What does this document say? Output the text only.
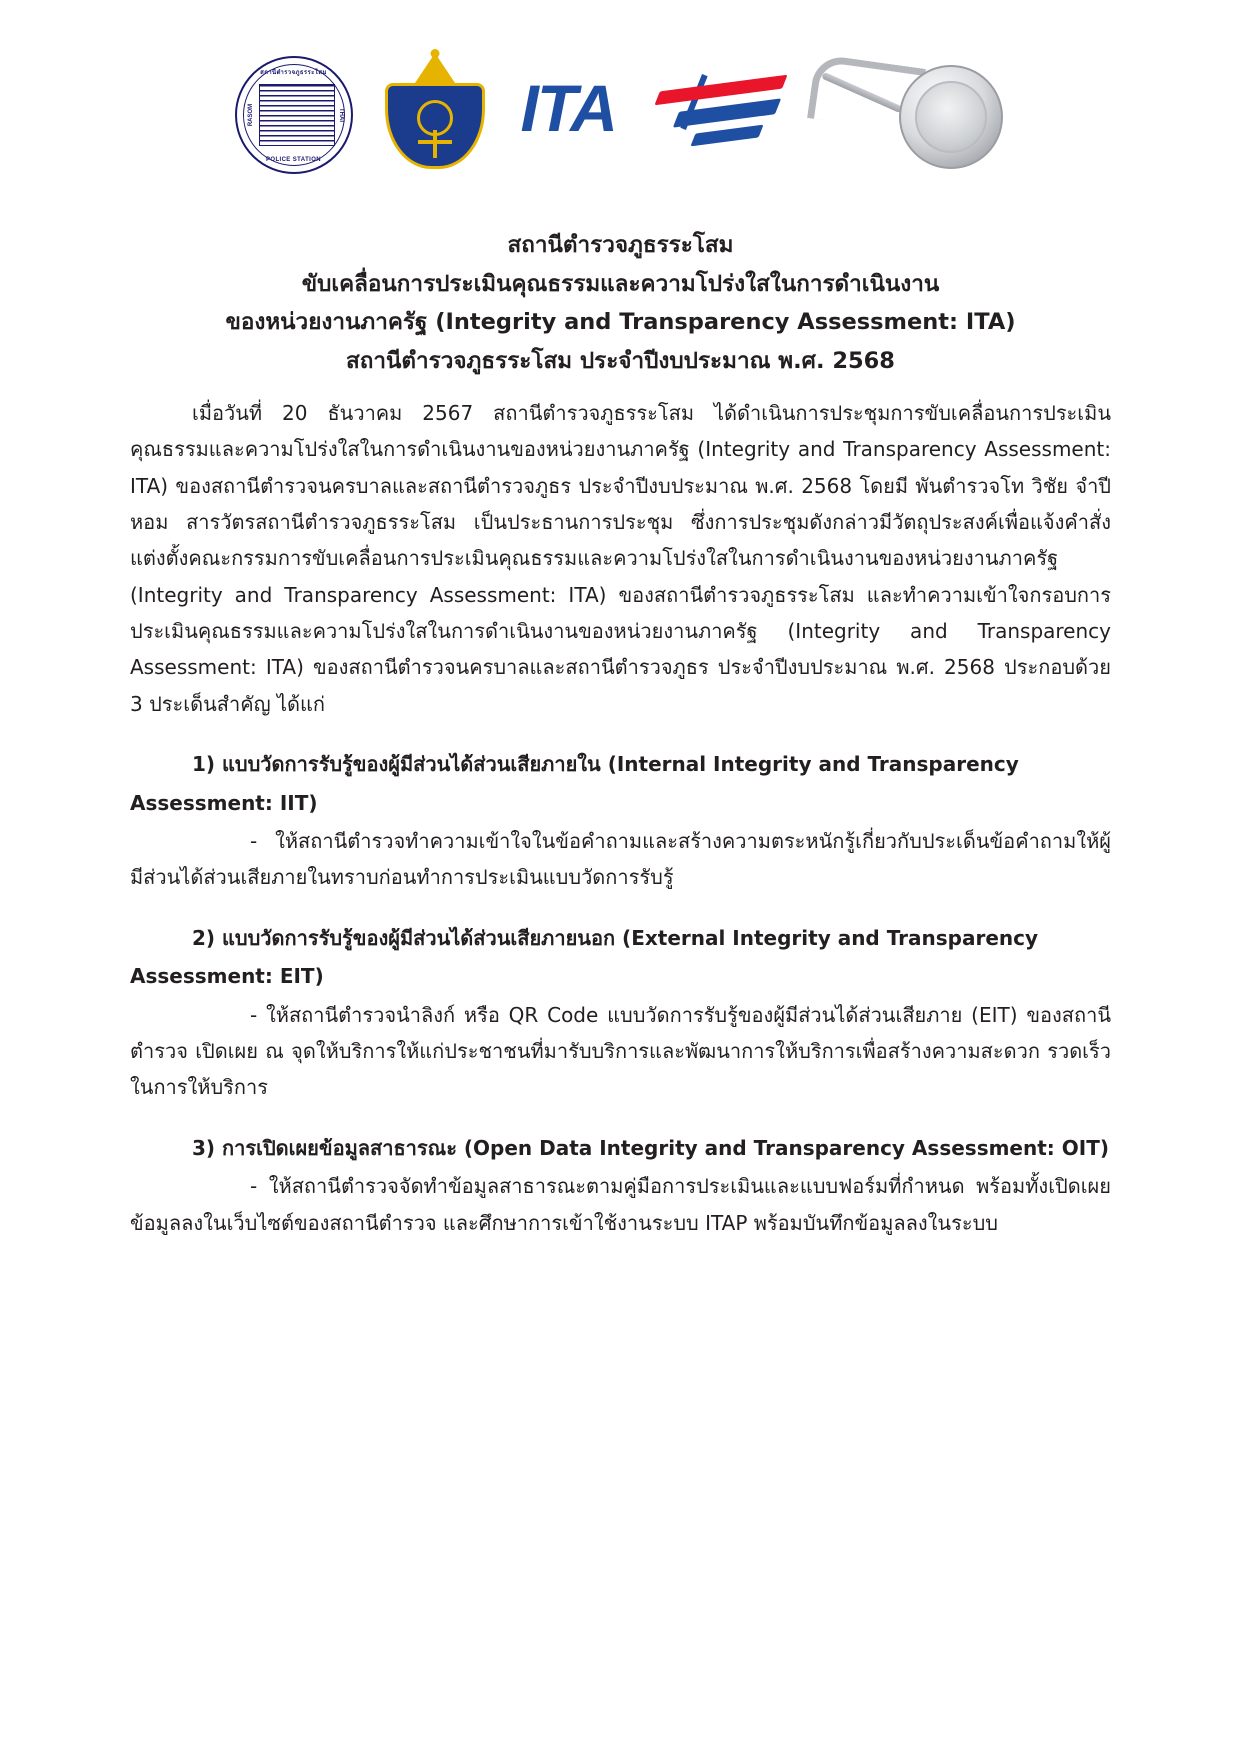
สถานีตำรวจภูธรระโสม
POLICE STATION
RASOM	THAI	ITA
สถานีตำรวจภูธรระโสม
ขับเคลื่อนการประเมินคุณธรรมและความโปร่งใสในการดำเนินงาน
ของหน่วยงานภาครัฐ (Integrity and Transparency Assessment: ITA)
สถานีตำรวจภูธรระโสม ประจำปีงบประมาณ พ.ศ. 2568

เมื่อวันที่ 20 ธันวาคม 2567 สถานีตำรวจภูธรระโสม ได้ดำเนินการประชุมการขับเคลื่อนการประเมินคุณธรรมและความโปร่งใสในการดำเนินงานของหน่วยงานภาครัฐ (Integrity and Transparency Assessment: ITA) ของสถานีตำรวจนครบาลและสถานีตำรวจภูธร ประจำปีงบประมาณ พ.ศ. 2568 โดยมี พันตำรวจโท วิชัย จำปีหอม สารวัตรสถานีตำรวจภูธรระโสม เป็นประธานการประชุม ซึ่งการประชุมดังกล่าวมีวัตถุประสงค์เพื่อแจ้งคำสั่งแต่งตั้งคณะกรรมการขับเคลื่อนการประเมินคุณธรรมและความโปร่งใสในการดำเนินงานของหน่วยงานภาครัฐ (Integrity and Transparency Assessment: ITA) ของสถานีตำรวจภูธรระโสม และทำความเข้าใจกรอบการประเมินคุณธรรมและความโปร่งใสในการดำเนินงานของหน่วยงานภาครัฐ (Integrity and Transparency Assessment: ITA) ของสถานีตำรวจนครบาลและสถานีตำรวจภูธร ประจำปีงบประมาณ พ.ศ. 2568 ประกอบด้วย 3 ประเด็นสำคัญ ได้แก่

1) แบบวัดการรับรู้ของผู้มีส่วนได้ส่วนเสียภายใน (Internal Integrity and Transparency

Assessment: IIT)

- ให้สถานีตำรวจทำความเข้าใจในข้อคำถามและสร้างความตระหนักรู้เกี่ยวกับประเด็นข้อคำถามให้ผู้มีส่วนได้ส่วนเสียภายในทราบก่อนทำการประเมินแบบวัดการรับรู้

2) แบบวัดการรับรู้ของผู้มีส่วนได้ส่วนเสียภายนอก (External Integrity and Transparency

Assessment: EIT)

- ให้สถานีตำรวจนำลิงก์ หรือ QR Code แบบวัดการรับรู้ของผู้มีส่วนได้ส่วนเสียภาย (EIT) ของสถานีตำรวจ เปิดเผย ณ จุดให้บริการให้แก่ประชาชนที่มารับบริการและพัฒนาการให้บริการเพื่อสร้างความสะดวก รวดเร็วในการให้บริการ

3) การเปิดเผยข้อมูลสาธารณะ (Open Data Integrity and Transparency Assessment: OIT)

- ให้สถานีตำรวจจัดทำข้อมูลสาธารณะตามคู่มือการประเมินและแบบฟอร์มที่กำหนด พร้อมทั้งเปิดเผยข้อมูลลงในเว็บไซต์ของสถานีตำรวจ และศึกษาการเข้าใช้งานระบบ ITAP พร้อมบันทึกข้อมูลลงในระบบ
